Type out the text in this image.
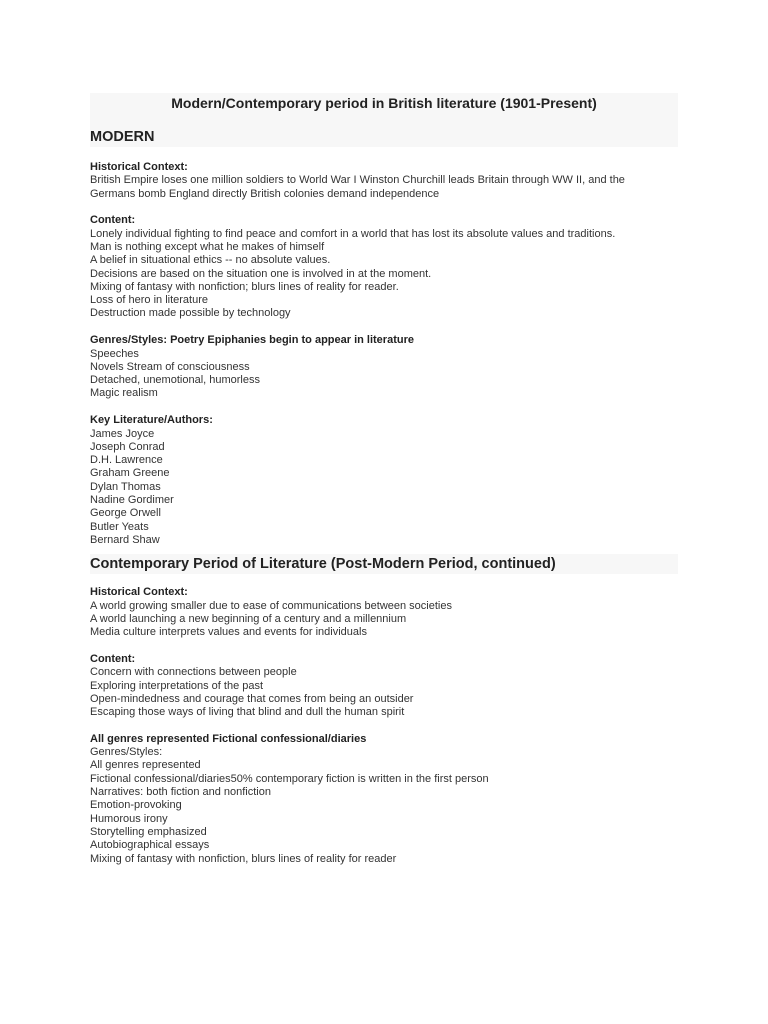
Modern/Contemporary period in British literature (1901-Present)
MODERN

Historical Context:

British Empire loses one million soldiers to World War I Winston Churchill leads Britain through WW II, and the

Germans bomb England directly British colonies demand independence

Content:

Lonely individual fighting to find peace and comfort in a world that has lost its absolute values and traditions.

Man is nothing except what he makes of himself

A belief in situational ethics -- no absolute values.

Decisions are based on the situation one is involved in at the moment.

Mixing of fantasy with nonfiction; blurs lines of reality for reader.

Loss of hero in literature

Destruction made possible by technology

Genres/Styles: Poetry Epiphanies begin to appear in literature

Speeches

Novels Stream of consciousness

Detached, unemotional, humorless

Magic realism

Key Literature/Authors:

James Joyce

Joseph Conrad

D.H. Lawrence

Graham Greene

Dylan Thomas

Nadine Gordimer

George Orwell

Butler Yeats

Bernard Shaw

Contemporary Period of Literature (Post-Modern Period, continued)

Historical Context:

A world growing smaller due to ease of communications between societies

A world launching a new beginning of a century and a millennium

Media culture interprets values and events for individuals

Content:

Concern with connections between people

Exploring interpretations of the past

Open-mindedness and courage that comes from being an outsider

Escaping those ways of living that blind and dull the human spirit

All genres represented Fictional confessional/diaries

Genres/Styles:

All genres represented

Fictional confessional/diaries50% contemporary fiction is written in the first person

Narratives: both fiction and nonfiction

Emotion-provoking

Humorous irony

Storytelling emphasized

Autobiographical essays

Mixing of fantasy with nonfiction, blurs lines of reality for reader
